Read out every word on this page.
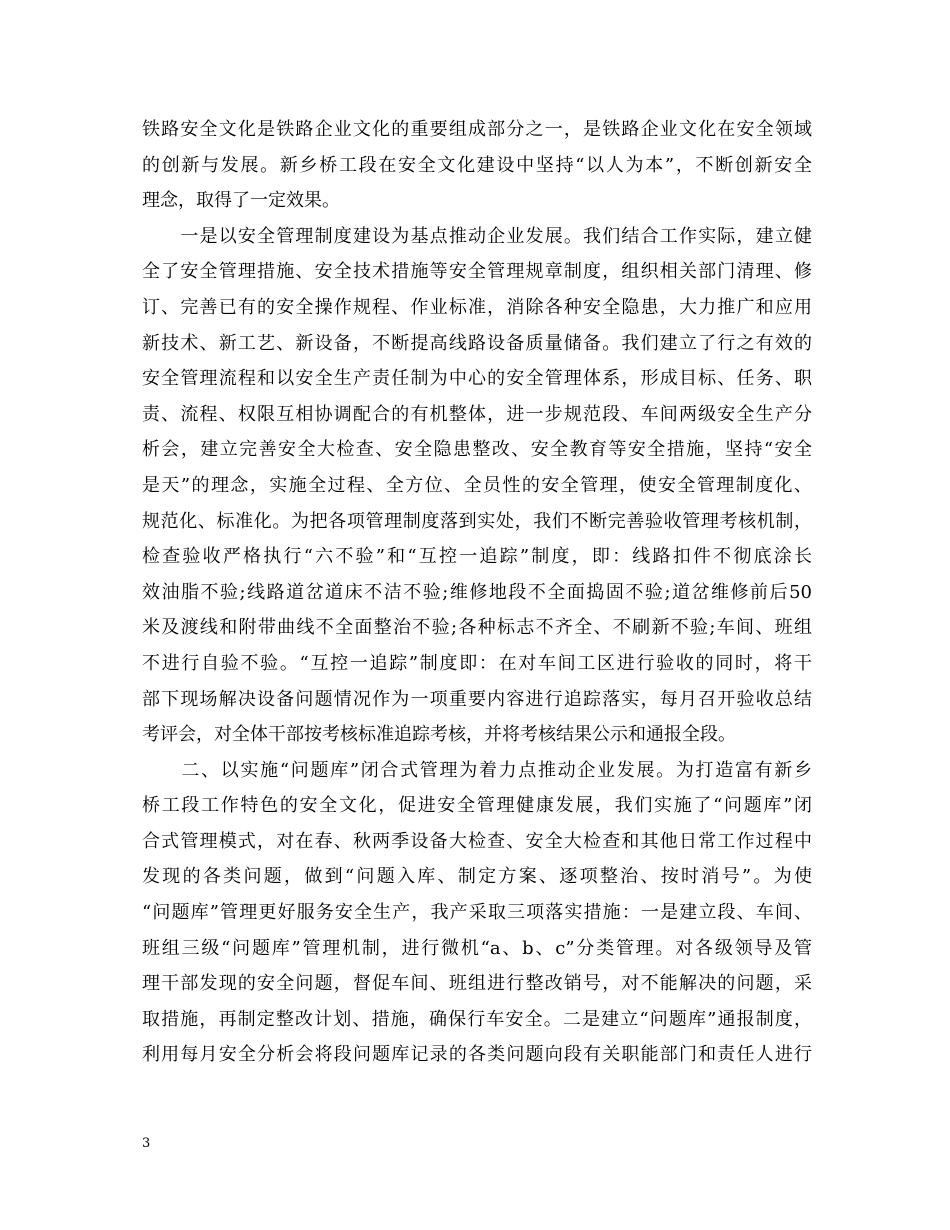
铁路安全文化是铁路企业文化的重要组成部分之一，是铁路企业文化在安全领域
的创新与发展。新乡桥工段在安全文化建设中坚持“以人为本”，不断创新安全
理念，取得了一定效果。
　　一是以安全管理制度建设为基点推动企业发展。我们结合工作实际，建立健
全了安全管理措施、安全技术措施等安全管理规章制度，组织相关部门清理、修
订、完善已有的安全操作规程、作业标准，消除各种安全隐患，大力推广和应用
新技术、新工艺、新设备，不断提高线路设备质量储备。我们建立了行之有效的
安全管理流程和以安全生产责任制为中心的安全管理体系，形成目标、任务、职
责、流程、权限互相协调配合的有机整体，进一步规范段、车间两级安全生产分
析会，建立完善安全大检查、安全隐患整改、安全教育等安全措施，坚持“安全
是天”的理念，实施全过程、全方位、全员性的安全管理，使安全管理制度化、
规范化、标准化。为把各项管理制度落到实处，我们不断完善验收管理考核机制，
检查验收严格执行“六不验”和“互控一追踪”制度，即：线路扣件不彻底涂长
效油脂不验;线路道岔道床不洁不验;维修地段不全面捣固不验;道岔维修前后50
米及渡线和附带曲线不全面整治不验;各种标志不齐全、不刷新不验;车间、班组
不进行自验不验。“互控一追踪”制度即：在对车间工区进行验收的同时，将干
部下现场解决设备问题情况作为一项重要内容进行追踪落实，每月召开验收总结
考评会，对全体干部按考核标准追踪考核，并将考核结果公示和通报全段。
　　二、以实施“问题库”闭合式管理为着力点推动企业发展。为打造富有新乡
桥工段工作特色的安全文化，促进安全管理健康发展，我们实施了“问题库”闭
合式管理模式，对在春、秋两季设备大检查、安全大检查和其他日常工作过程中
发现的各类问题，做到“问题入库、制定方案、逐项整治、按时消号”。为使
“问题库”管理更好服务安全生产，我产采取三项落实措施：一是建立段、车间、
班组三级“问题库”管理机制，进行微机“a、b、c”分类管理。对各级领导及管
理干部发现的安全问题，督促车间、班组进行整改销号，对不能解决的问题，采
取措施，再制定整改计划、措施，确保行车安全。二是建立“问题库”通报制度，
利用每月安全分析会将段问题库记录的各类问题向段有关职能部门和责任人进行
3
